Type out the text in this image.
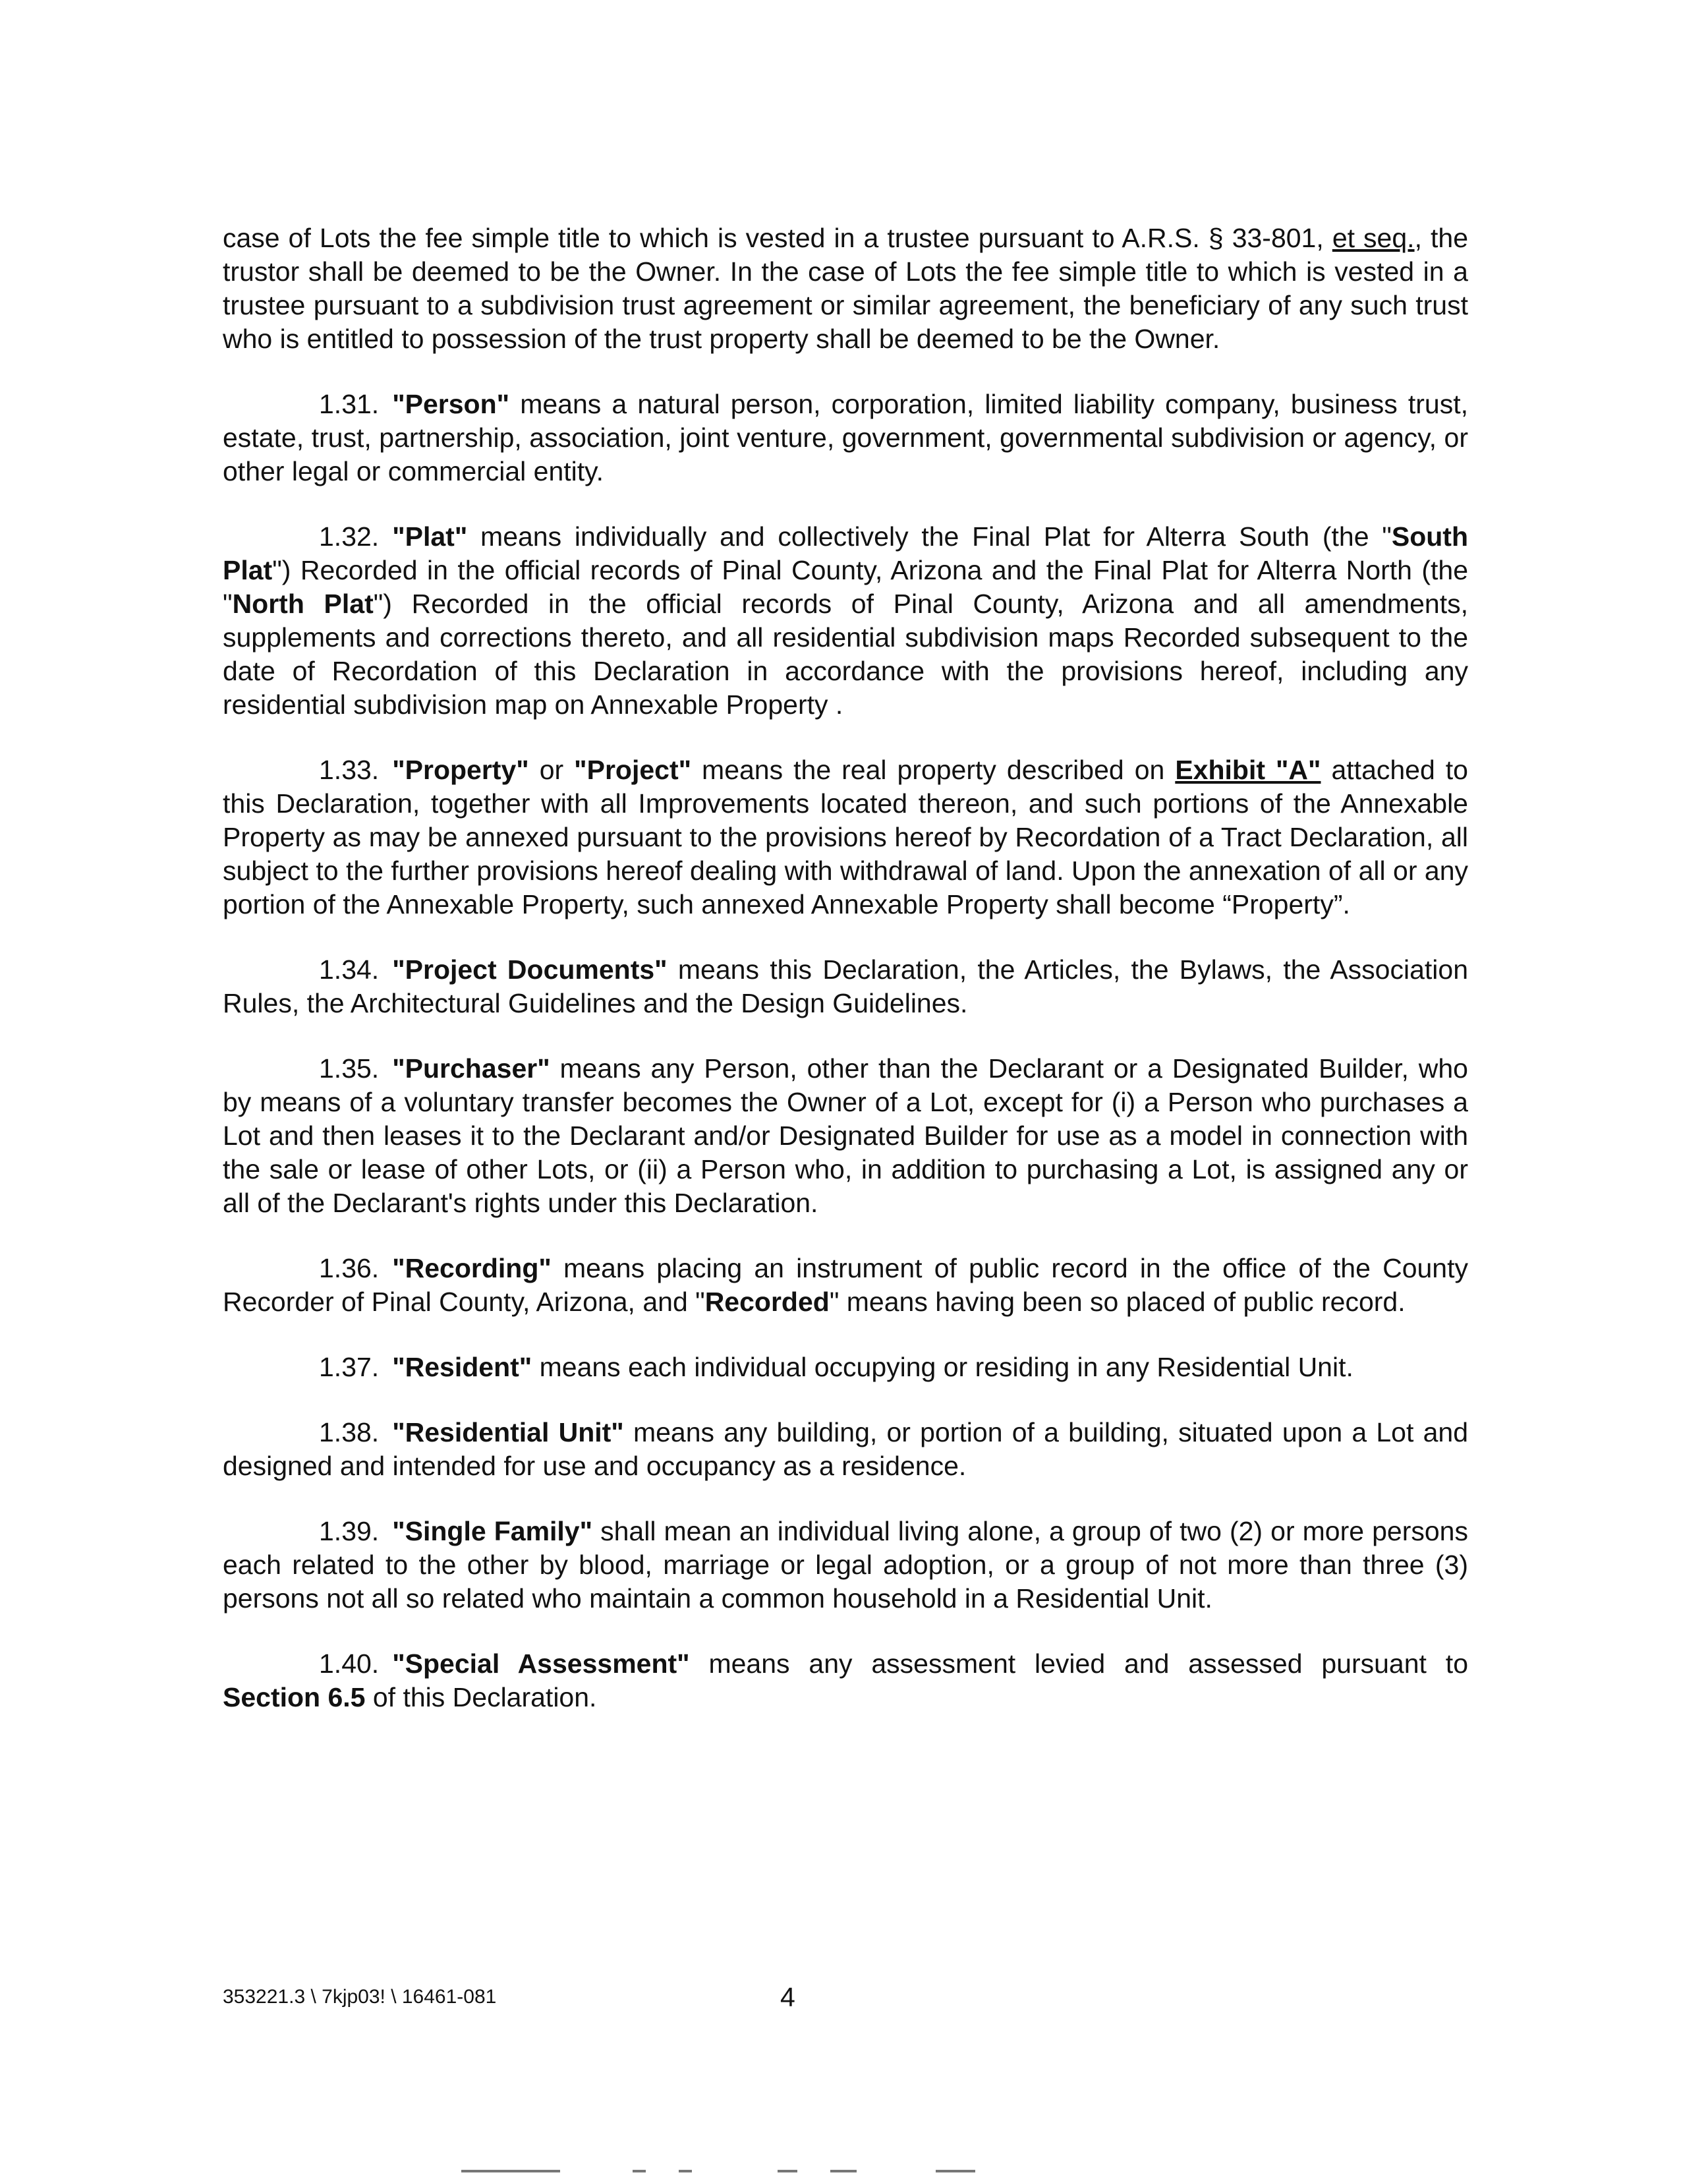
case of Lots the fee simple title to which is vested in a trustee pursuant to A.R.S. § 33-801, et seq., the trustor shall be deemed to be the Owner. In the case of Lots the fee simple title to which is vested in a trustee pursuant to a subdivision trust agreement or similar agreement, the beneficiary of any such trust who is entitled to possession of the trust property shall be deemed to be the Owner.

1.31. "Person" means a natural person, corporation, limited liability company, business trust, estate, trust, partnership, association, joint venture, government, governmental subdivision or agency, or other legal or commercial entity.

1.32. "Plat" means individually and collectively the Final Plat for Alterra South (the "South Plat") Recorded in the official records of Pinal County, Arizona and the Final Plat for Alterra North (the "North Plat") Recorded in the official records of Pinal County, Arizona and all amendments, supplements and corrections thereto, and all residential subdivision maps Recorded subsequent to the date of Recordation of this Declaration in accordance with the provisions hereof, including any residential subdivision map on Annexable Property .

1.33. "Property" or "Project" means the real property described on Exhibit "A" attached to this Declaration, together with all Improvements located thereon, and such portions of the Annexable Property as may be annexed pursuant to the provisions hereof by Recordation of a Tract Declaration, all subject to the further provisions hereof dealing with withdrawal of land. Upon the annexation of all or any portion of the Annexable Property, such annexed Annexable Property shall become “Property”.

1.34. "Project Documents" means this Declaration, the Articles, the Bylaws, the Association Rules, the Architectural Guidelines and the Design Guidelines.

1.35. "Purchaser" means any Person, other than the Declarant or a Designated Builder, who by means of a voluntary transfer becomes the Owner of a Lot, except for (i) a Person who purchases a Lot and then leases it to the Declarant and/or Designated Builder for use as a model in connection with the sale or lease of other Lots, or (ii) a Person who, in addition to purchasing a Lot, is assigned any or all of the Declarant's rights under this Declaration.

1.36. "Recording" means placing an instrument of public record in the office of the County Recorder of Pinal County, Arizona, and "Recorded" means having been so placed of public record.

1.37. "Resident" means each individual occupying or residing in any Residential Unit.

1.38. "Residential Unit" means any building, or portion of a building, situated upon a Lot and designed and intended for use and occupancy as a residence.

1.39. "Single Family" shall mean an individual living alone, a group of two (2) or more persons each related to the other by blood, marriage or legal adoption, or a group of not more than three (3) persons not all so related who maintain a common household in a Residential Unit.

1.40. "Special Assessment" means any assessment levied and assessed pursuant to Section 6.5 of this Declaration.

353221.3 \ 7kjp03! \ 16461-081	4
